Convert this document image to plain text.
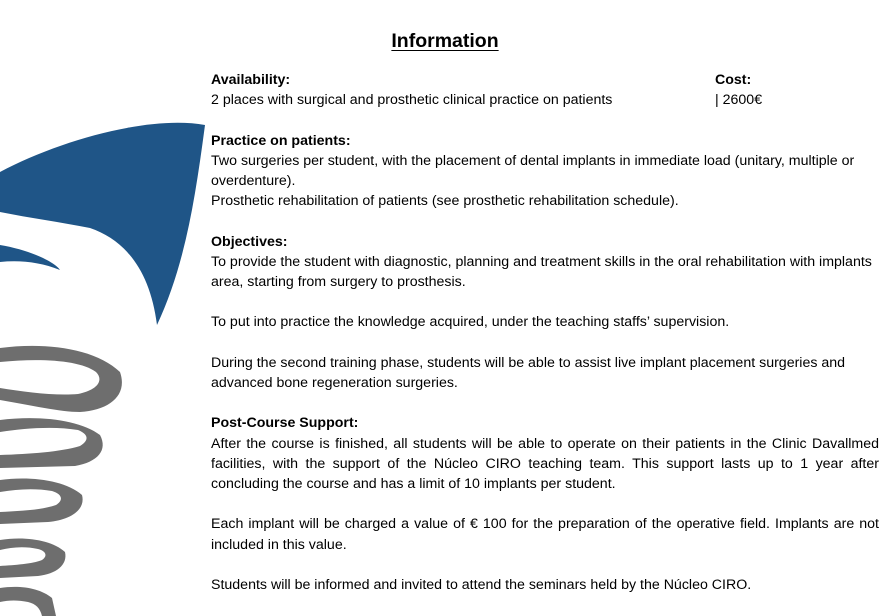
Information
Availability:	Cost:
2 places with surgical and prosthetic clinical practice on patients	| 2600€

Practice on patients:

Two surgeries per student, with the placement of dental implants in immediate load (unitary, multiple or overdenture).

Prosthetic rehabilitation of patients (see prosthetic rehabilitation schedule).

Objectives:

To provide the student with diagnostic, planning and treatment skills in the oral rehabilitation with implants area, starting from surgery to prosthesis.

To put into practice the knowledge acquired, under the teaching staffs’ supervision.

During the second training phase, students will be able to assist live implant placement surgeries and advanced bone regeneration surgeries.

Post-Course Support:

After the course is finished, all students will be able to operate on their patients in the Clinic Davallmed facilities, with the support of the Núcleo CIRO teaching team. This support lasts up to 1 year after concluding the course and has a limit of 10 implants per student.

Each implant will be charged a value of € 100 for the preparation of the operative field. Implants are not included in this value.

Students will be informed and invited to attend the seminars held by the Núcleo CIRO.
